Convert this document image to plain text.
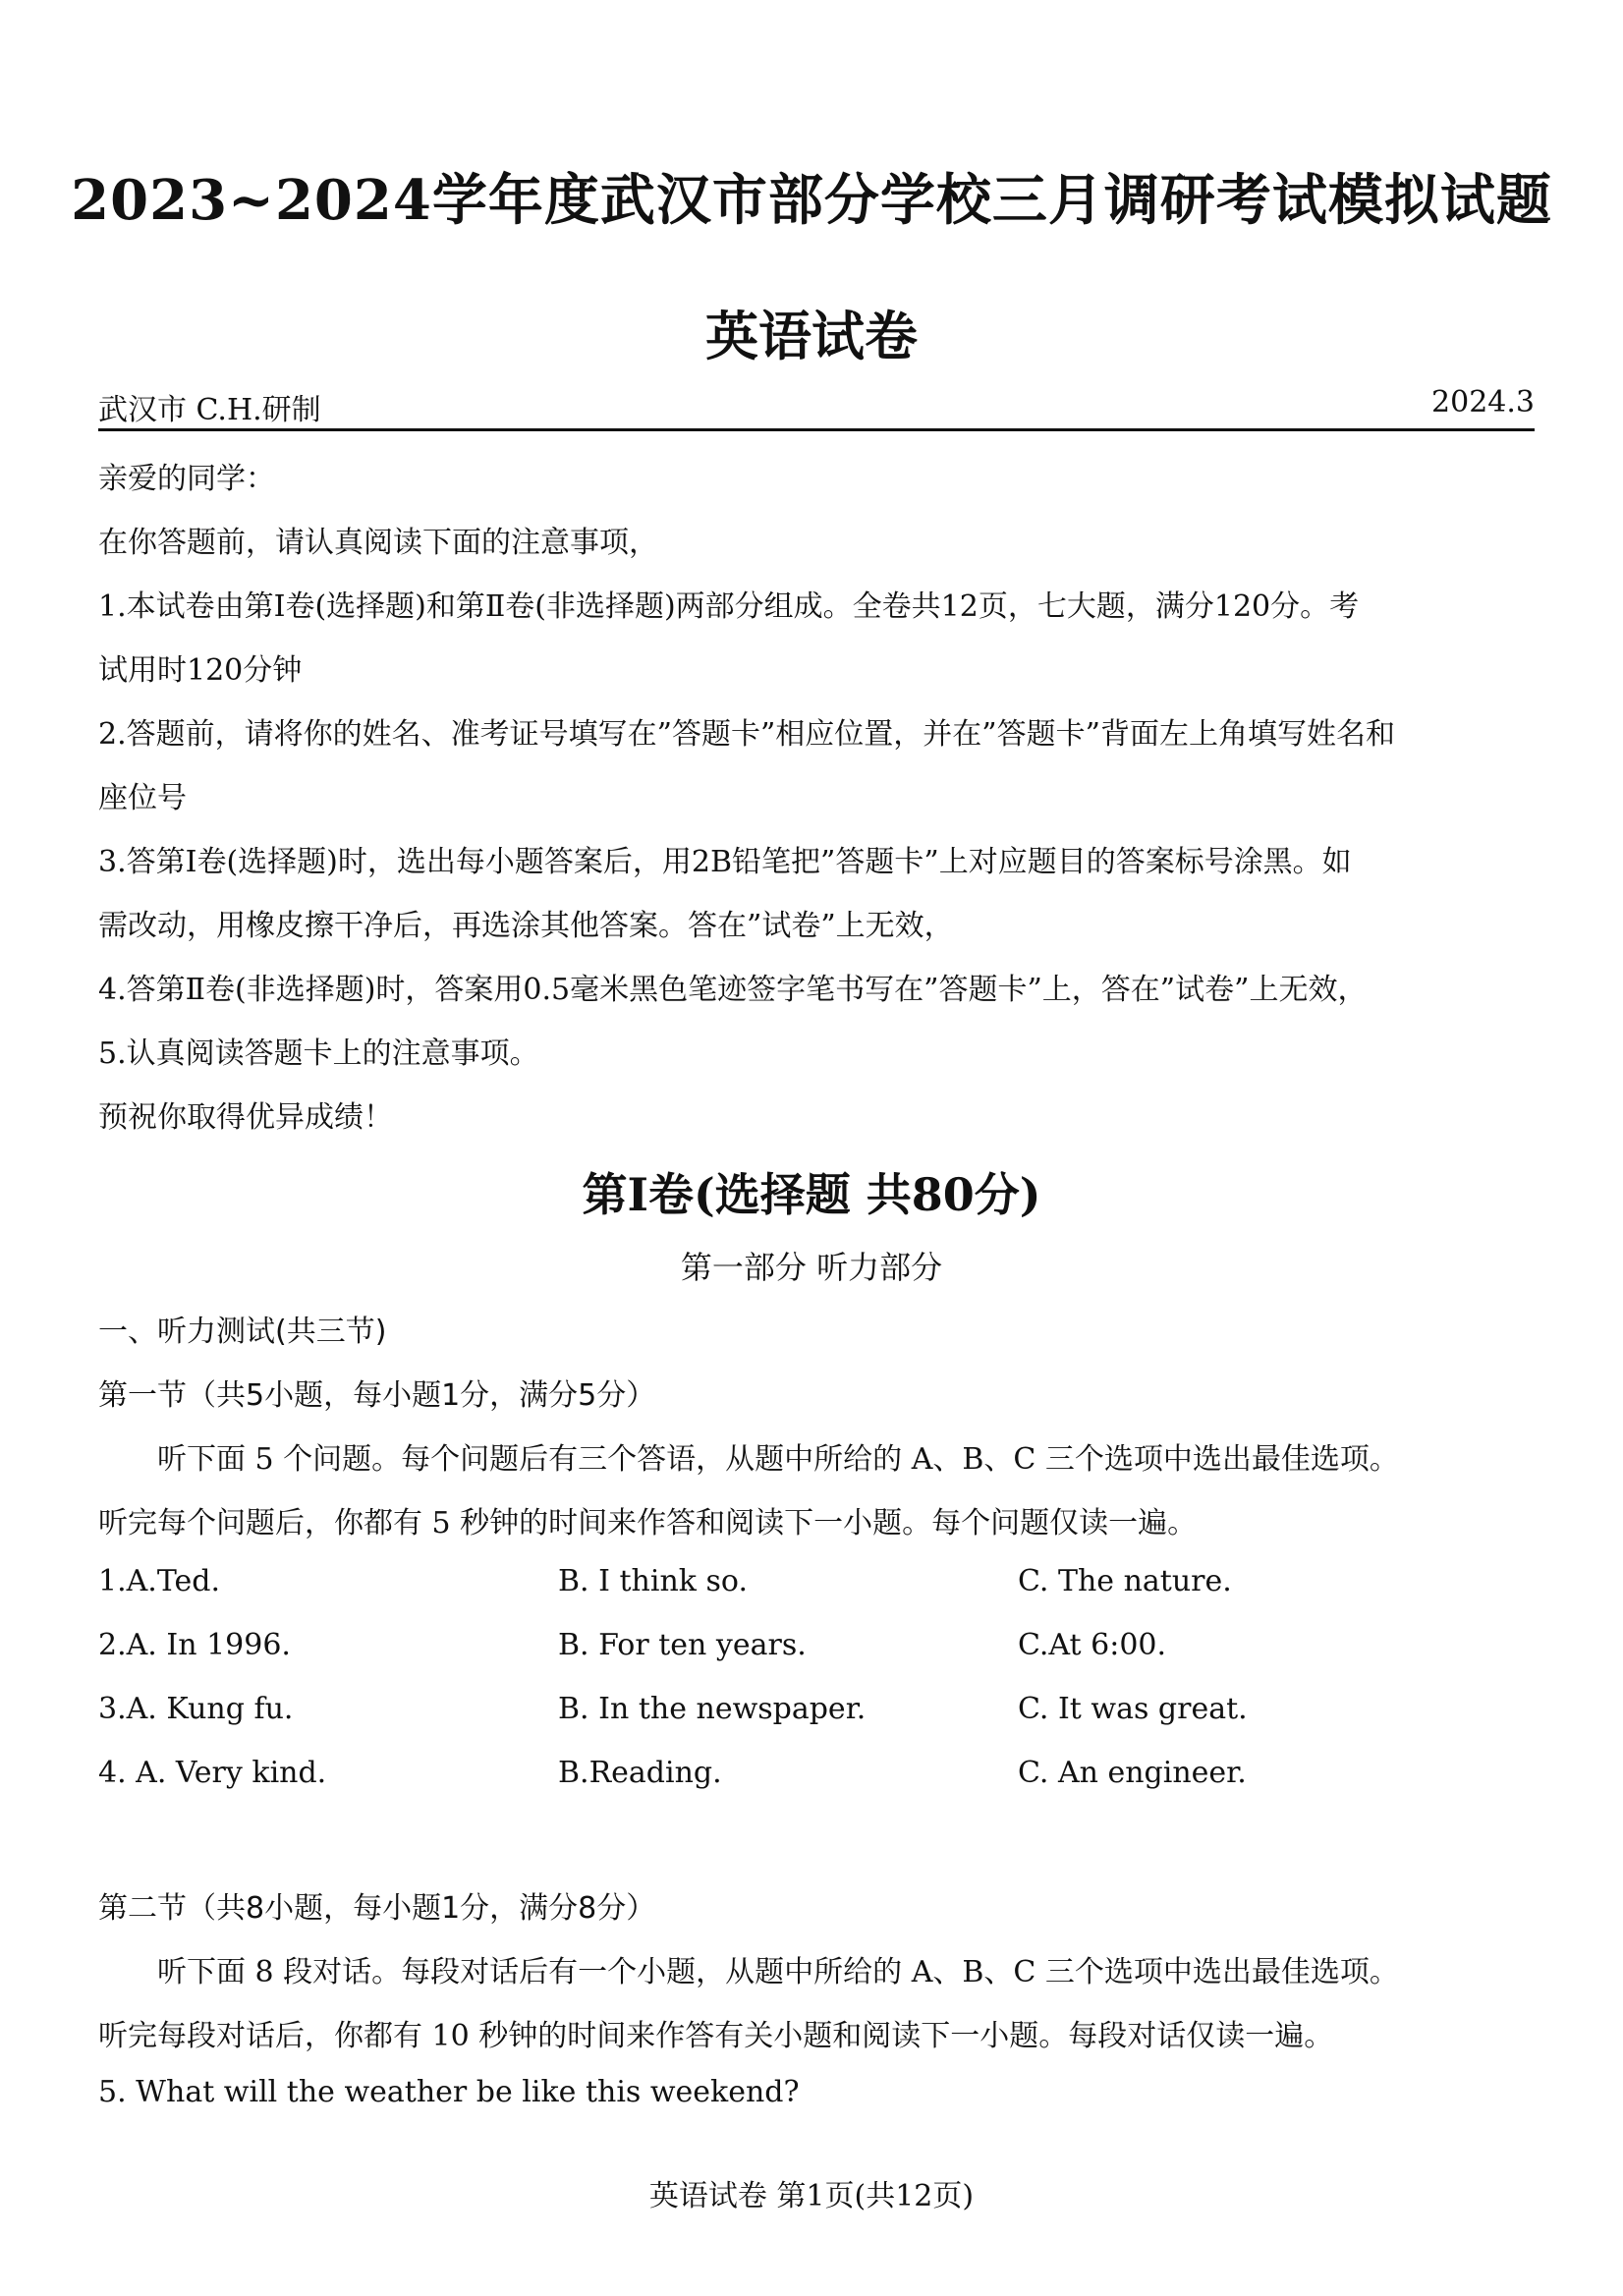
2023~2024学年度武汉市部分学校三月调研考试模拟试题
英语试卷
武汉市 C.H.研制	2024.3
亲爱的同学：
在你答题前，请认真阅读下面的注意事项，
1.本试卷由第Ⅰ卷(选择题)和第Ⅱ卷(非选择题)两部分组成。全卷共12页，七大题，满分120分。考
试用时120分钟
2.答题前，请将你的姓名、准考证号填写在”答题卡”相应位置，并在”答题卡”背面左上角填写姓名和
座位号
3.答第Ⅰ卷(选择题)时，选出每小题答案后，用2B铅笔把”答题卡”上对应题目的答案标号涂黑。如
需改动，用橡皮擦干净后，再选涂其他答案。答在”试卷”上无效，
4.答第Ⅱ卷(非选择题)时，答案用0.5毫米黑色笔迹签字笔书写在”答题卡”上，答在”试卷”上无效，
5.认真阅读答题卡上的注意事项。
预祝你取得优异成绩！
第Ⅰ卷(选择题 共80分)
第一部分 听力部分
一、听力测试(共三节)
第一节（共5小题，每小题1分，满分5分）
听下面 5 个问题。每个问题后有三个答语，从题中所给的 A、B、C 三个选项中选出最佳选项。
听完每个问题后，你都有 5 秒钟的时间来作答和阅读下一小题。每个问题仅读一遍。
1.A.Ted.	B. I think so.	C. The nature.
2.A. In 1996.	B. For ten years.	C.At 6:00.
3.A. Kung fu.	B. In the newspaper.	C. It was great.
4. A. Very kind.	B.Reading.	C. An engineer.
第二节（共8小题，每小题1分，满分8分）
听下面 8 段对话。每段对话后有一个小题，从题中所给的 A、B、C 三个选项中选出最佳选项。
听完每段对话后，你都有 10 秒钟的时间来作答有关小题和阅读下一小题。每段对话仅读一遍。
5. What will the weather be like this weekend?
英语试卷 第1页(共12页)
